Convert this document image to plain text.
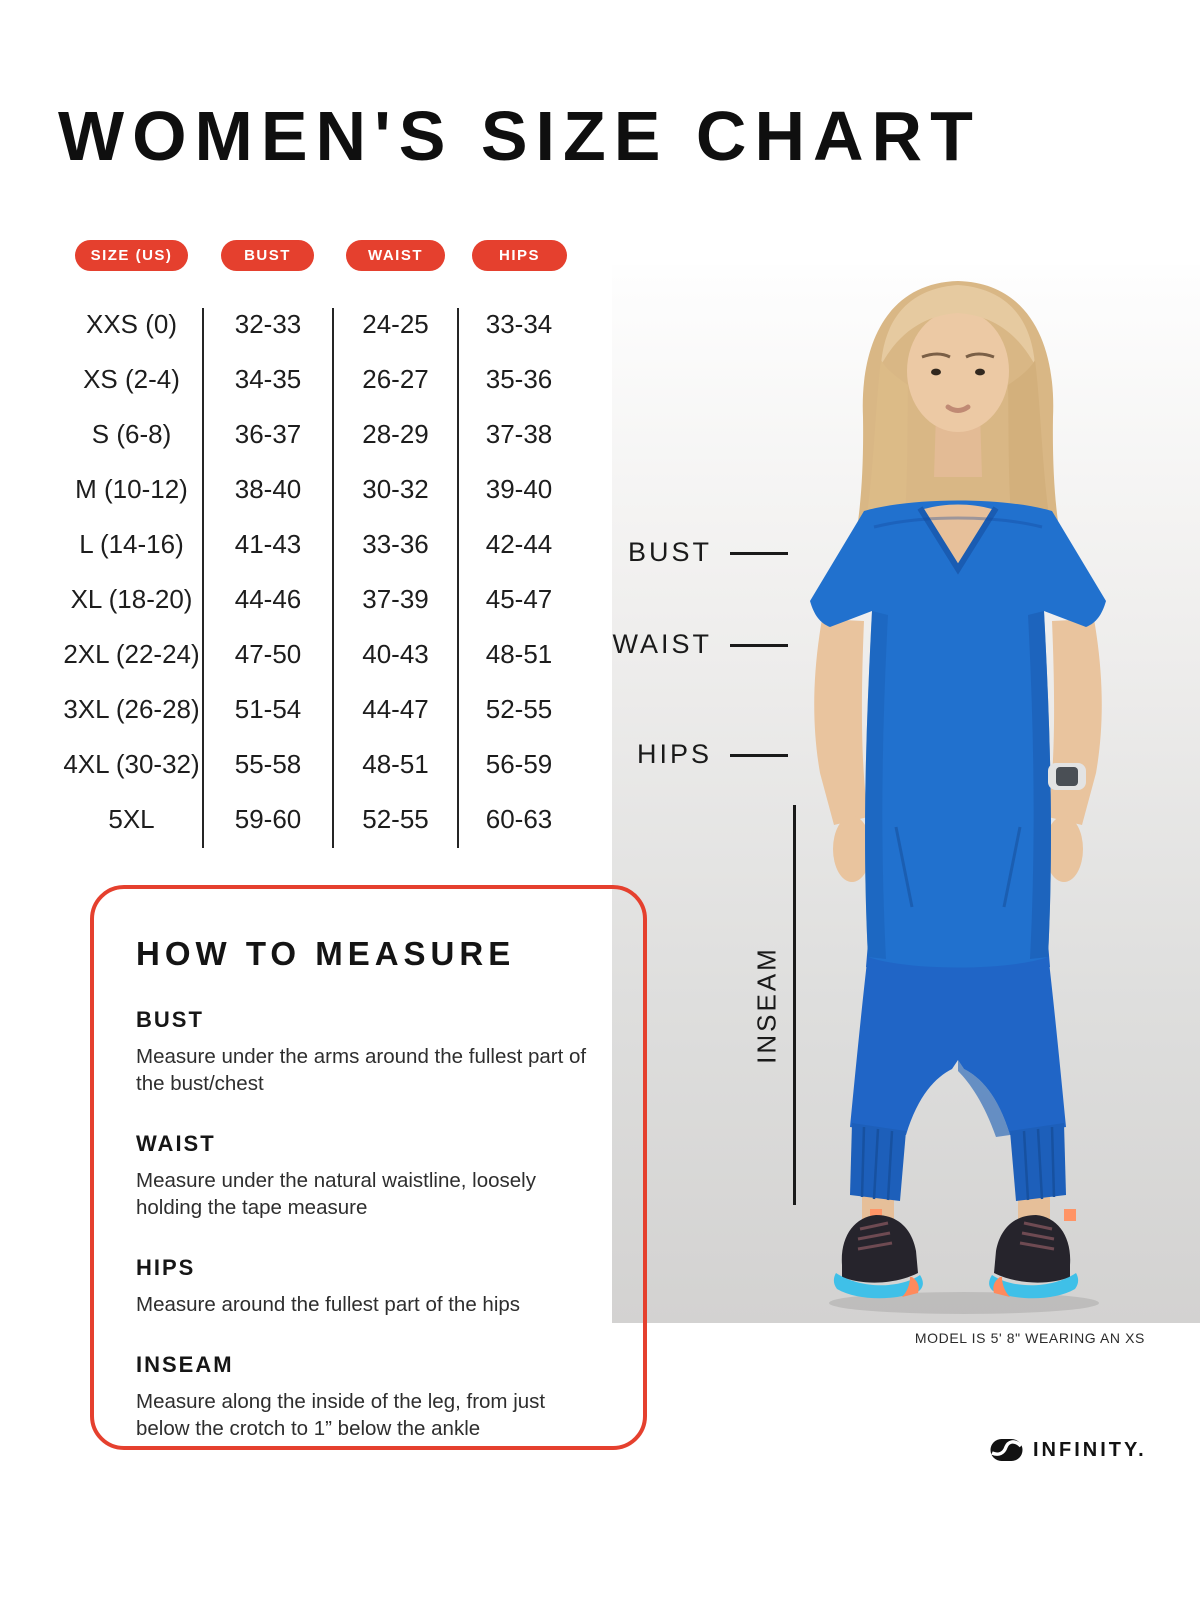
WOMEN'S SIZE CHART
SIZE (US)	BUST	WAIST	HIPS
XXS (0)	32-33	24-25	33-34
XS (2-4)	34-35	26-27	35-36
S (6-8)	36-37	28-29	37-38
M (10-12)	38-40	30-32	39-40
L (14-16)	41-43	33-36	42-44
XL (18-20)	44-46	37-39	45-47
2XL (22-24)	47-50	40-43	48-51
3XL (26-28)	51-54	44-47	52-55
4XL (30-32)	55-58	48-51	56-59
5XL	59-60	52-55	60-63
BUST
WAIST
HIPS
INSEAM
HOW TO MEASURE
BUST

Measure under the arms around the fullest part of the bust/chest

WAIST

Measure under the natural waistline, loosely holding the tape measure

HIPS

Measure around the fullest part of the hips

INSEAM

Measure along the inside of the leg, from just below the crotch to 1” below the ankle

MODEL IS 5' 8" WEARING AN XS
INFINITY.
